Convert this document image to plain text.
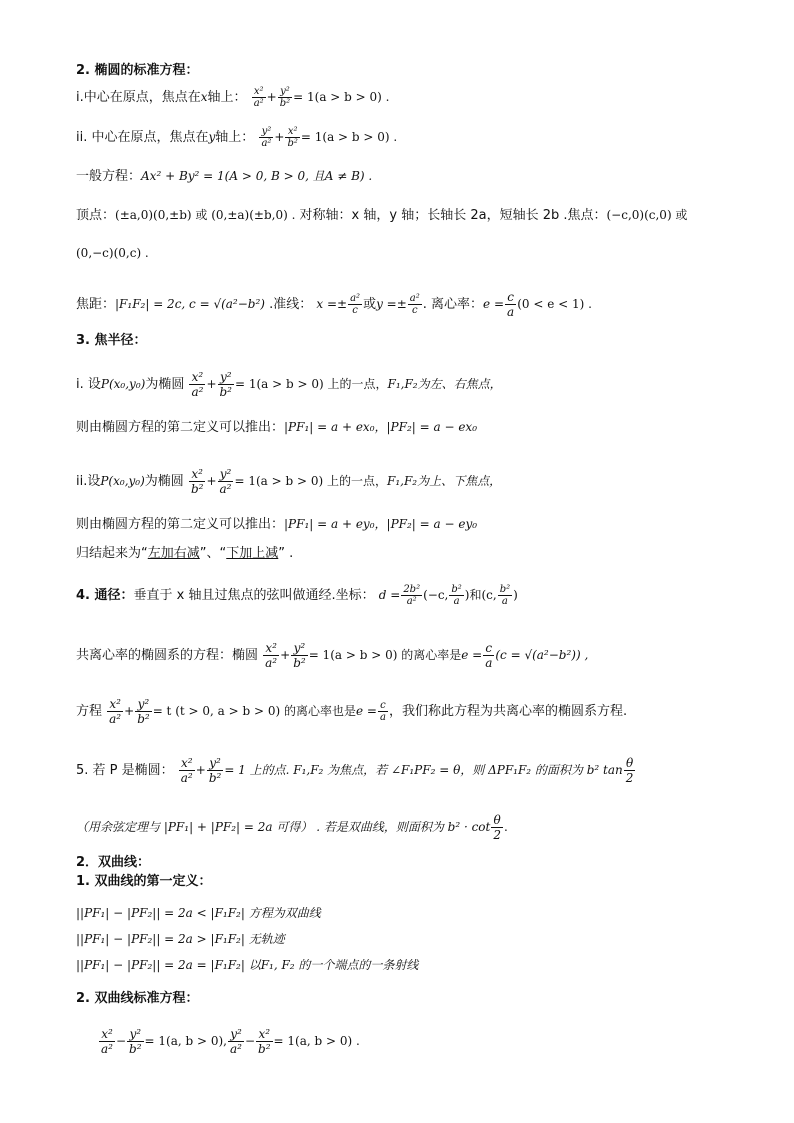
2. 椭圆的标准方程：
i.中心在原点，焦点在x轴上： $\frac{\text{x²}}{\text{a²}} + \frac{\text{y²}}{\text{b²}} = 1(a > b > 0)$ .
ii. 中心在原点，焦点在y轴上： $\frac{\text{y²}}{\text{a²}} + \frac{\text{x²}}{\text{b²}} = 1(a > b > 0)$ .
一般方程：Ax² + By² = 1(A > 0, B > 0, 且A ≠ B) .
顶点：(±a,0)(0,±b) 或 (0,±a)(±b,0) . 对称轴：x 轴，y 轴；长轴长 2a，短轴长 2b .焦点：(−c,0)(c,0) 或
(0,−c)(0,c) .
焦距：|F₁F₂| = 2c, c = √(a²−b²) .准线： $x =\pm \frac{\text{a²}}{c}$ 或$y =\pm \frac{\text{a²}}{c}$ . 离心率：$e = \frac{c}{a} (0 < e < 1)$ .
3. 焦半径：
i. 设P(x₀,y₀)为椭圆 $\frac{\text{x²}}{\text{a²}} + \frac{\text{y²}}{\text{b²}} = 1(a > b > 0)$ 上的一点，F₁,F₂为左、右焦点，
则由椭圆方程的第二定义可以推出：|PF₁| = a + ex₀，|PF₂| = a − ex₀
ii.设P(x₀,y₀)为椭圆 $\frac{\text{x²}}{\text{b²}} + \frac{\text{y²}}{\text{a²}} = 1(a > b > 0)$ 上的一点，F₁,F₂为上、下焦点，
则由椭圆方程的第二定义可以推出：|PF₁| = a + ey₀，|PF₂| = a − ey₀
归结起来为“左加右减”、“下加上减” .
4. 通径：垂直于 x 轴且过焦点的弦叫做通经.坐标： $d = \frac{\text{2b²}}{\text{a²}} (-c$, $\frac{\text{b²}}{a}$ )和(c, $\frac{\text{b²}}{a}$ )
共离心率的椭圆系的方程：椭圆 $\frac{\text{x²}}{\text{a²}} + \frac{\text{y²}}{\text{b²}} = 1(a > b > 0)$ 的离心率是$e = \frac{c}{a} (c = √(a^2-b^2))$ ,
方程 $\frac{\text{x²}}{\text{a²}} + \frac{\text{y²}}{\text{b²}} = t$ (t > 0, a > b > 0) 的离心率也是$e = \frac{c}{a}$ ，我们称此方程为共离心率的椭圆系方程.
5. 若 P 是椭圆： $\frac{\text{x²}}{\text{a²}} + \frac{\text{y²}}{\text{b²}} = 1$ 上的点. F₁,F₂ 为焦点，若 ∠F₁PF₂ = θ，则 ΔPF₁F₂ 的面积为 b² $\tan \frac{\theta}{2}$
（用余弦定理与 |PF₁| + |PF₂| = 2a 可得） . 若是双曲线，则面积为 $b^2 \cdot \cot \frac{\theta}{2}$ .
2．双曲线：
1. 双曲线的第一定义：
||PF₁| − |PF₂|| = 2a < |F₁F₂| 方程为双曲线
||PF₁| − |PF₂|| = 2a > |F₁F₂| 无轨迹
||PF₁| − |PF₂|| = 2a = |F₁F₂| 以F₁, F₂ 的一个端点的一条射线
2. 双曲线标准方程：
$\frac{\text{x²}}{\text{a²}} - \frac{\text{y²}}{\text{b²}} = 1(a$, b > 0), $\frac{\text{y²}}{\text{a²}} - \frac{\text{x²}}{\text{b²}} = 1(a$, b > 0) .
